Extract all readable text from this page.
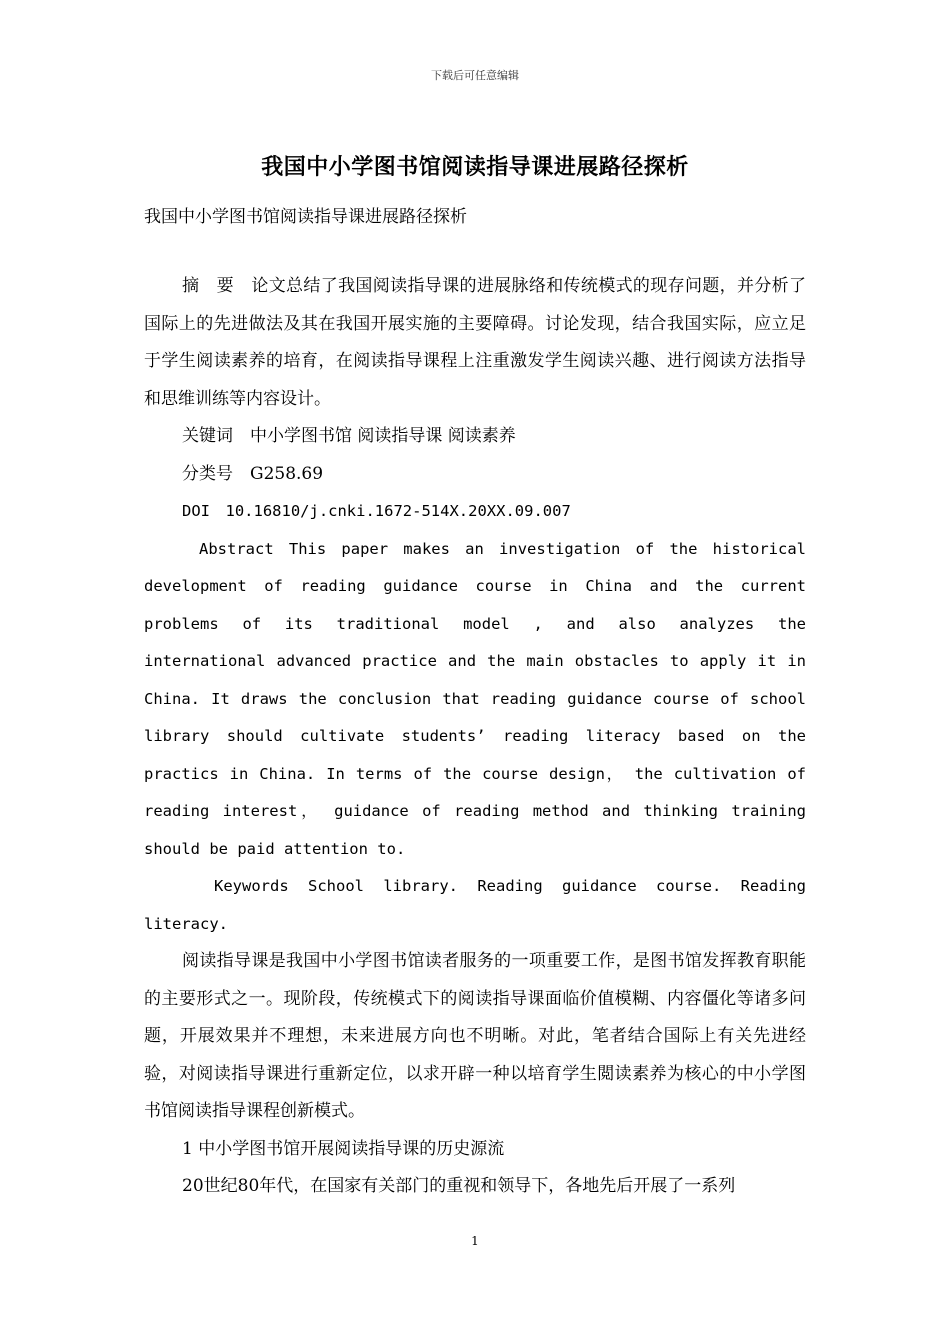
下载后可任意编辑
我国中小学图书馆阅读指导课进展路径探析
我国中小学图书馆阅读指导课进展路径探析

摘　要　论文总结了我国阅读指导课的进展脉络和传统模式的现存问题，并分析了国际上的先进做法及其在我国开展实施的主要障碍。讨论发现，结合我国实际，应立足于学生阅读素养的培育，在阅读指导课程上注重激发学生阅读兴趣、进行阅读方法指导和思维训练等内容设计。

关键词　中小学图书馆 阅读指导课 阅读素养

分类号　G258.69

DOI　10.16810/j.cnki.1672-514X.20XX.09.007

Abstract This paper makes an investigation of the historical development of reading guidance course in China and the current problems of its traditional model , and also analyzes the international advanced practice and the main obstacles to apply it in China. It draws the conclusion that reading guidance course of school library should cultivate students’ reading literacy based on the practics in China. In terms of the course design， the cultivation of reading interest， guidance of reading method and thinking training should be paid attention to.

Keywords School library. Reading guidance course. Reading literacy.

阅读指导课是我国中小学图书馆读者服务的一项重要工作，是图书馆发挥教育职能的主要形式之一。现阶段，传统模式下的阅读指导课面临价值模糊、内容僵化等诸多问题，开展效果并不理想，未来进展方向也不明晰。对此，笔者结合国际上有关先进经验，对阅读指导课进行重新定位，以求开辟一种以培育学生閲读素养为核心的中小学图书馆阅读指导课程创新模式。

1 中小学图书馆开展阅读指导课的历史源流

20世纪80年代，在国家有关部门的重视和领导下，各地先后开展了一系列

1
